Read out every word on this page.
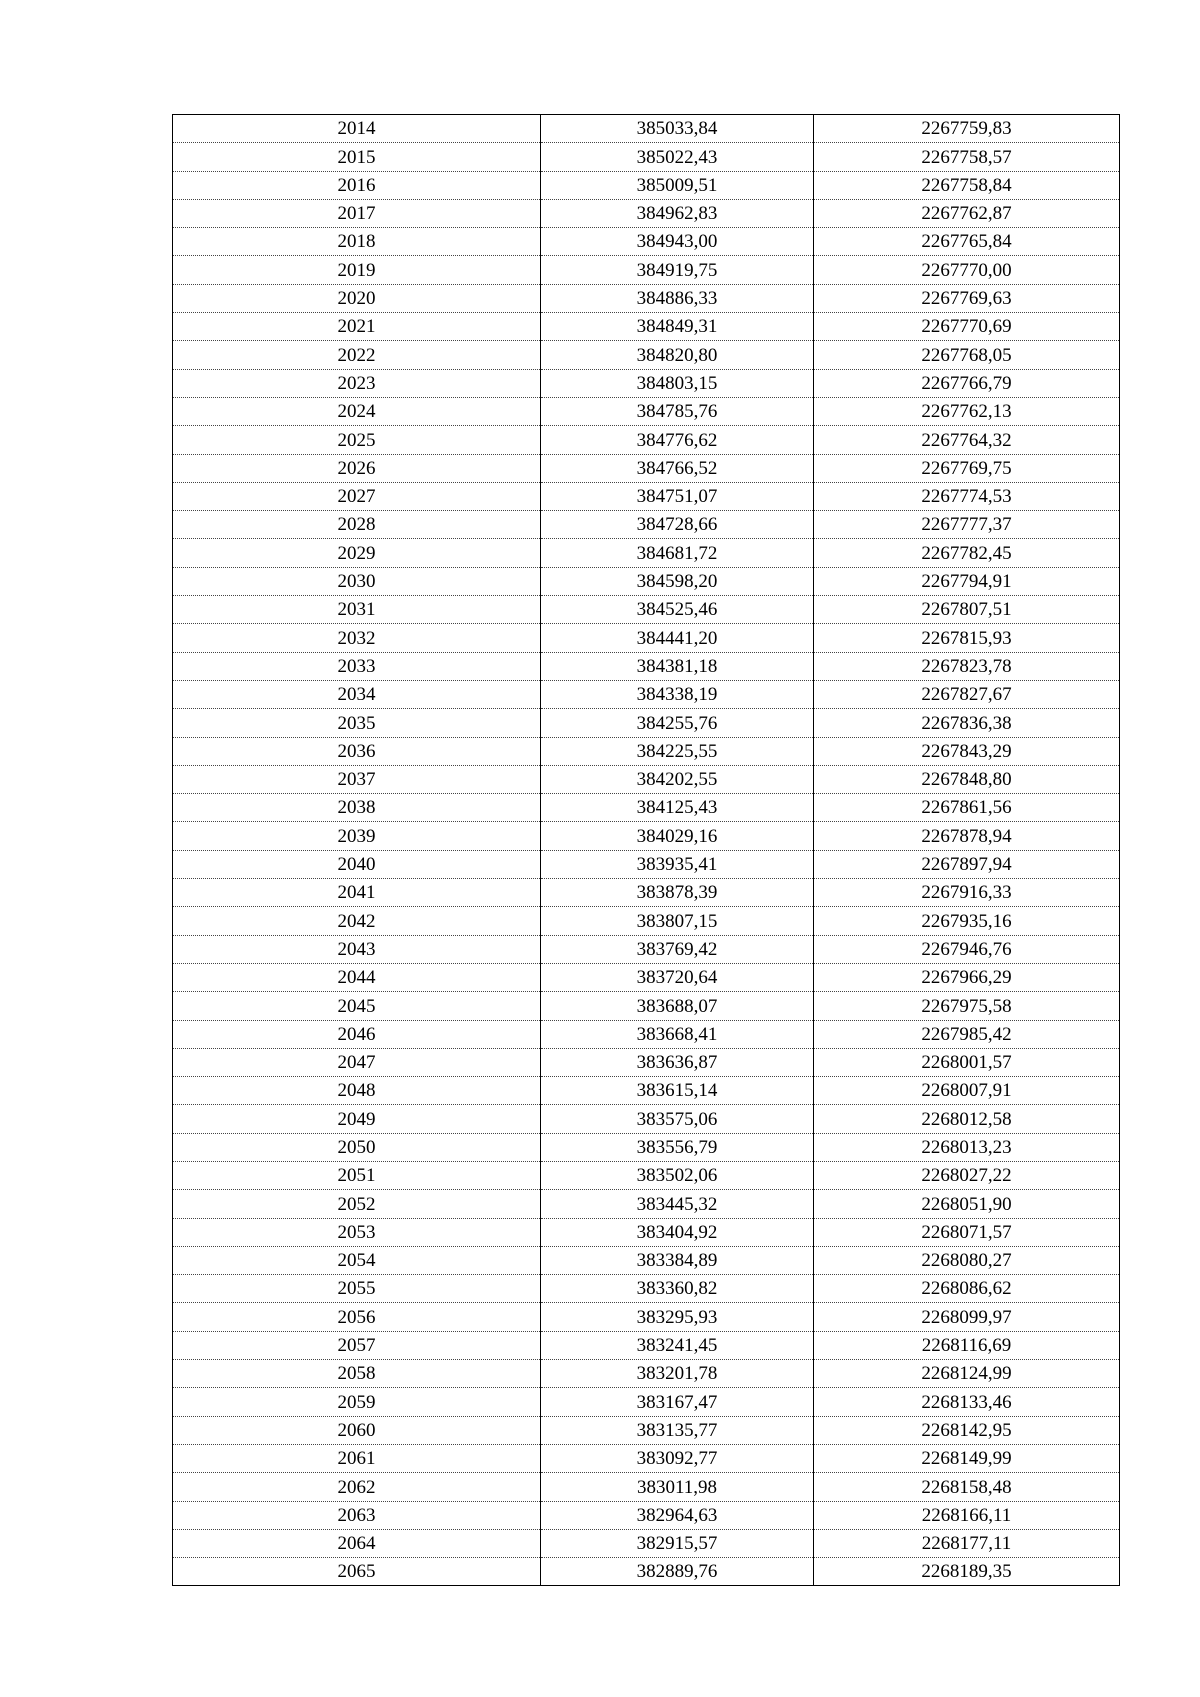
2014	385033,84	2267759,83
2015	385022,43	2267758,57
2016	385009,51	2267758,84
2017	384962,83	2267762,87
2018	384943,00	2267765,84
2019	384919,75	2267770,00
2020	384886,33	2267769,63
2021	384849,31	2267770,69
2022	384820,80	2267768,05
2023	384803,15	2267766,79
2024	384785,76	2267762,13
2025	384776,62	2267764,32
2026	384766,52	2267769,75
2027	384751,07	2267774,53
2028	384728,66	2267777,37
2029	384681,72	2267782,45
2030	384598,20	2267794,91
2031	384525,46	2267807,51
2032	384441,20	2267815,93
2033	384381,18	2267823,78
2034	384338,19	2267827,67
2035	384255,76	2267836,38
2036	384225,55	2267843,29
2037	384202,55	2267848,80
2038	384125,43	2267861,56
2039	384029,16	2267878,94
2040	383935,41	2267897,94
2041	383878,39	2267916,33
2042	383807,15	2267935,16
2043	383769,42	2267946,76
2044	383720,64	2267966,29
2045	383688,07	2267975,58
2046	383668,41	2267985,42
2047	383636,87	2268001,57
2048	383615,14	2268007,91
2049	383575,06	2268012,58
2050	383556,79	2268013,23
2051	383502,06	2268027,22
2052	383445,32	2268051,90
2053	383404,92	2268071,57
2054	383384,89	2268080,27
2055	383360,82	2268086,62
2056	383295,93	2268099,97
2057	383241,45	2268116,69
2058	383201,78	2268124,99
2059	383167,47	2268133,46
2060	383135,77	2268142,95
2061	383092,77	2268149,99
2062	383011,98	2268158,48
2063	382964,63	2268166,11
2064	382915,57	2268177,11
2065	382889,76	2268189,35
